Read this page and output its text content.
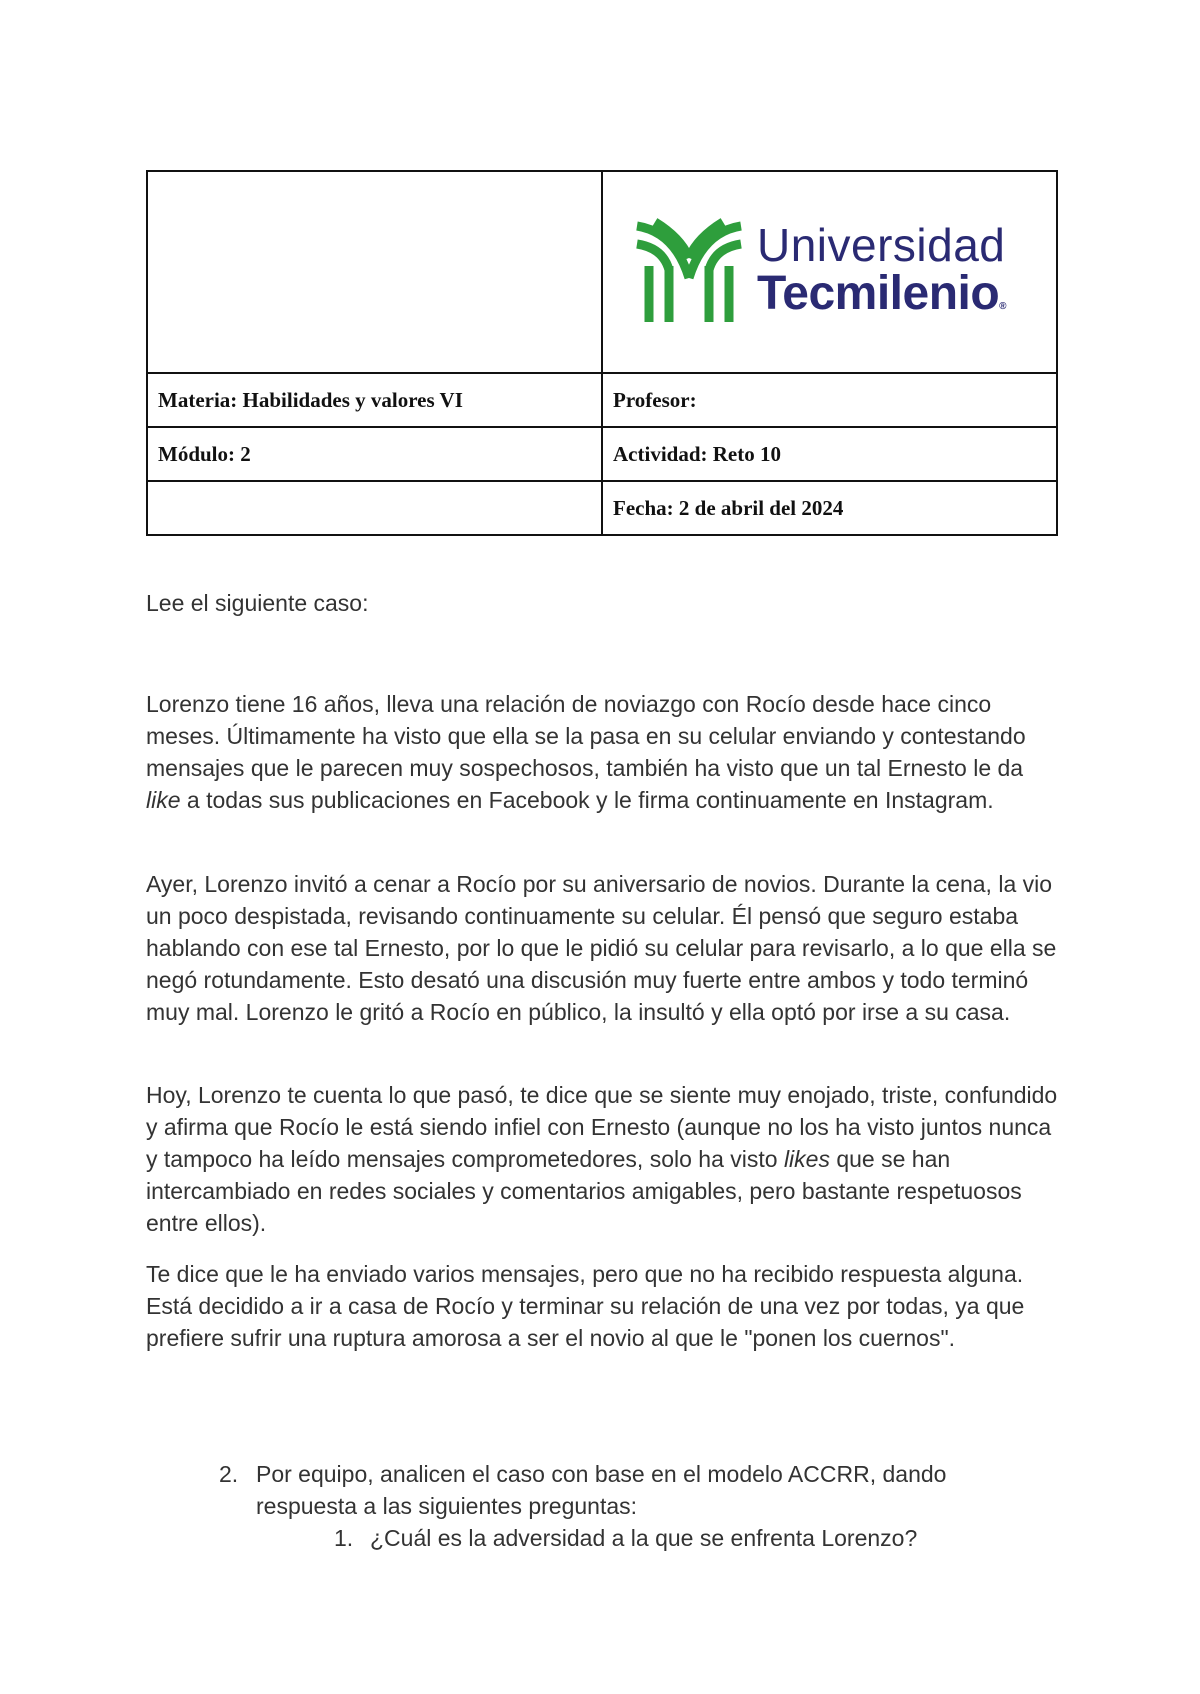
	Universidad
Tecmilenio®

Materia: Habilidades y valores VI	Profesor:
Módulo: 2	Actividad: Reto 10
	Fecha: 2 de abril del 2024

Lee el siguiente caso:

Lorenzo tiene 16 años, lleva una relación de noviazgo con Rocío desde hace cinco meses. Últimamente ha visto que ella se la pasa en su celular enviando y contestando mensajes que le parecen muy sospechosos, también ha visto que un tal Ernesto le da like a todas sus publicaciones en Facebook y le firma continuamente en Instagram.

Ayer, Lorenzo invitó a cenar a Rocío por su aniversario de novios. Durante la cena, la vio un poco despistada, revisando continuamente su celular. Él pensó que seguro estaba hablando con ese tal Ernesto, por lo que le pidió su celular para revisarlo, a lo que ella se negó rotundamente. Esto desató una discusión muy fuerte entre ambos y todo terminó muy mal. Lorenzo le gritó a Rocío en público, la insultó y ella optó por irse a su casa.

Hoy, Lorenzo te cuenta lo que pasó, te dice que se siente muy enojado, triste, confundido y afirma que Rocío le está siendo infiel con Ernesto (aunque no los ha visto juntos nunca y tampoco ha leído mensajes comprometedores, solo ha visto likes que se han intercambiado en redes sociales y comentarios amigables, pero bastante respetuosos entre ellos).

Te dice que le ha enviado varios mensajes, pero que no ha recibido respuesta alguna. Está decidido a ir a casa de Rocío y terminar su relación de una vez por todas, ya que prefiere sufrir una ruptura amorosa a ser el novio al que le "ponen los cuernos".

2. Por equipo, analicen el caso con base en el modelo ACCRR, dando respuesta a las siguientes preguntas:
1. ¿Cuál es la adversidad a la que se enfrenta Lorenzo?
